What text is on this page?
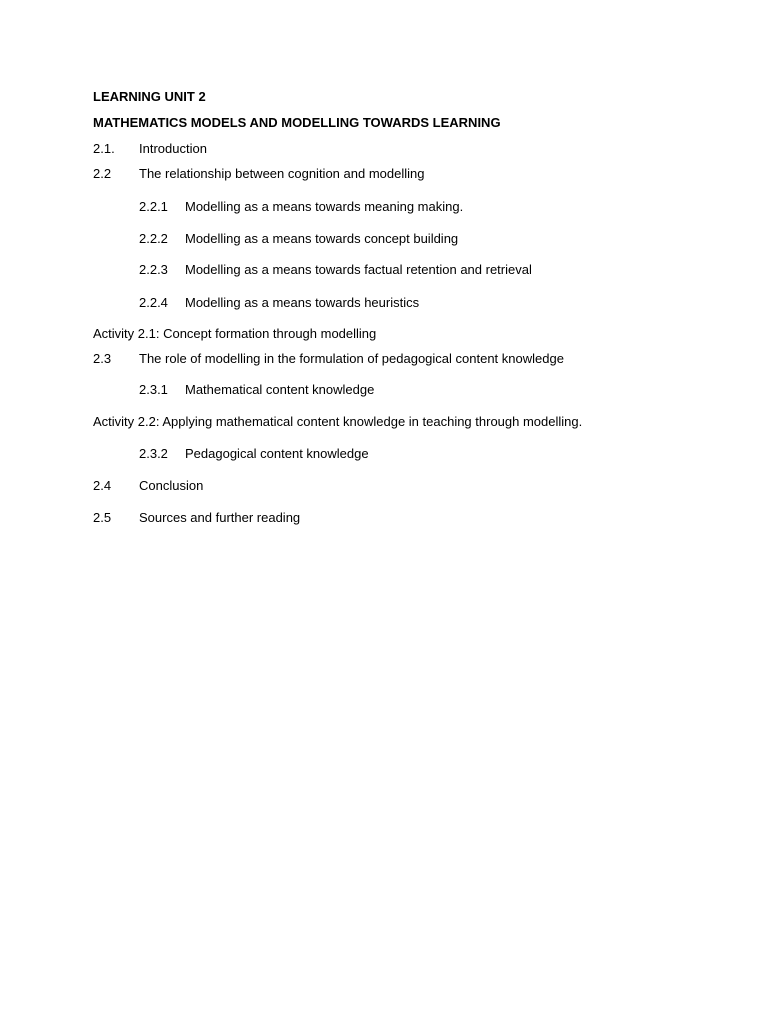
LEARNING UNIT 2
MATHEMATICS MODELS AND MODELLING TOWARDS LEARNING
2.1. Introduction
2.2 The relationship between cognition and modelling
2.2.1 Modelling as a means towards meaning making.
2.2.2 Modelling as a means towards concept building
2.2.3 Modelling as a means towards factual retention and retrieval
2.2.4 Modelling as a means towards heuristics
Activity 2.1: Concept formation through modelling
2.3 The role of modelling in the formulation of pedagogical content knowledge
2.3.1 Mathematical content knowledge
Activity 2.2: Applying mathematical content knowledge in teaching through modelling.
2.3.2 Pedagogical content knowledge
2.4 Conclusion
2.5 Sources and further reading
